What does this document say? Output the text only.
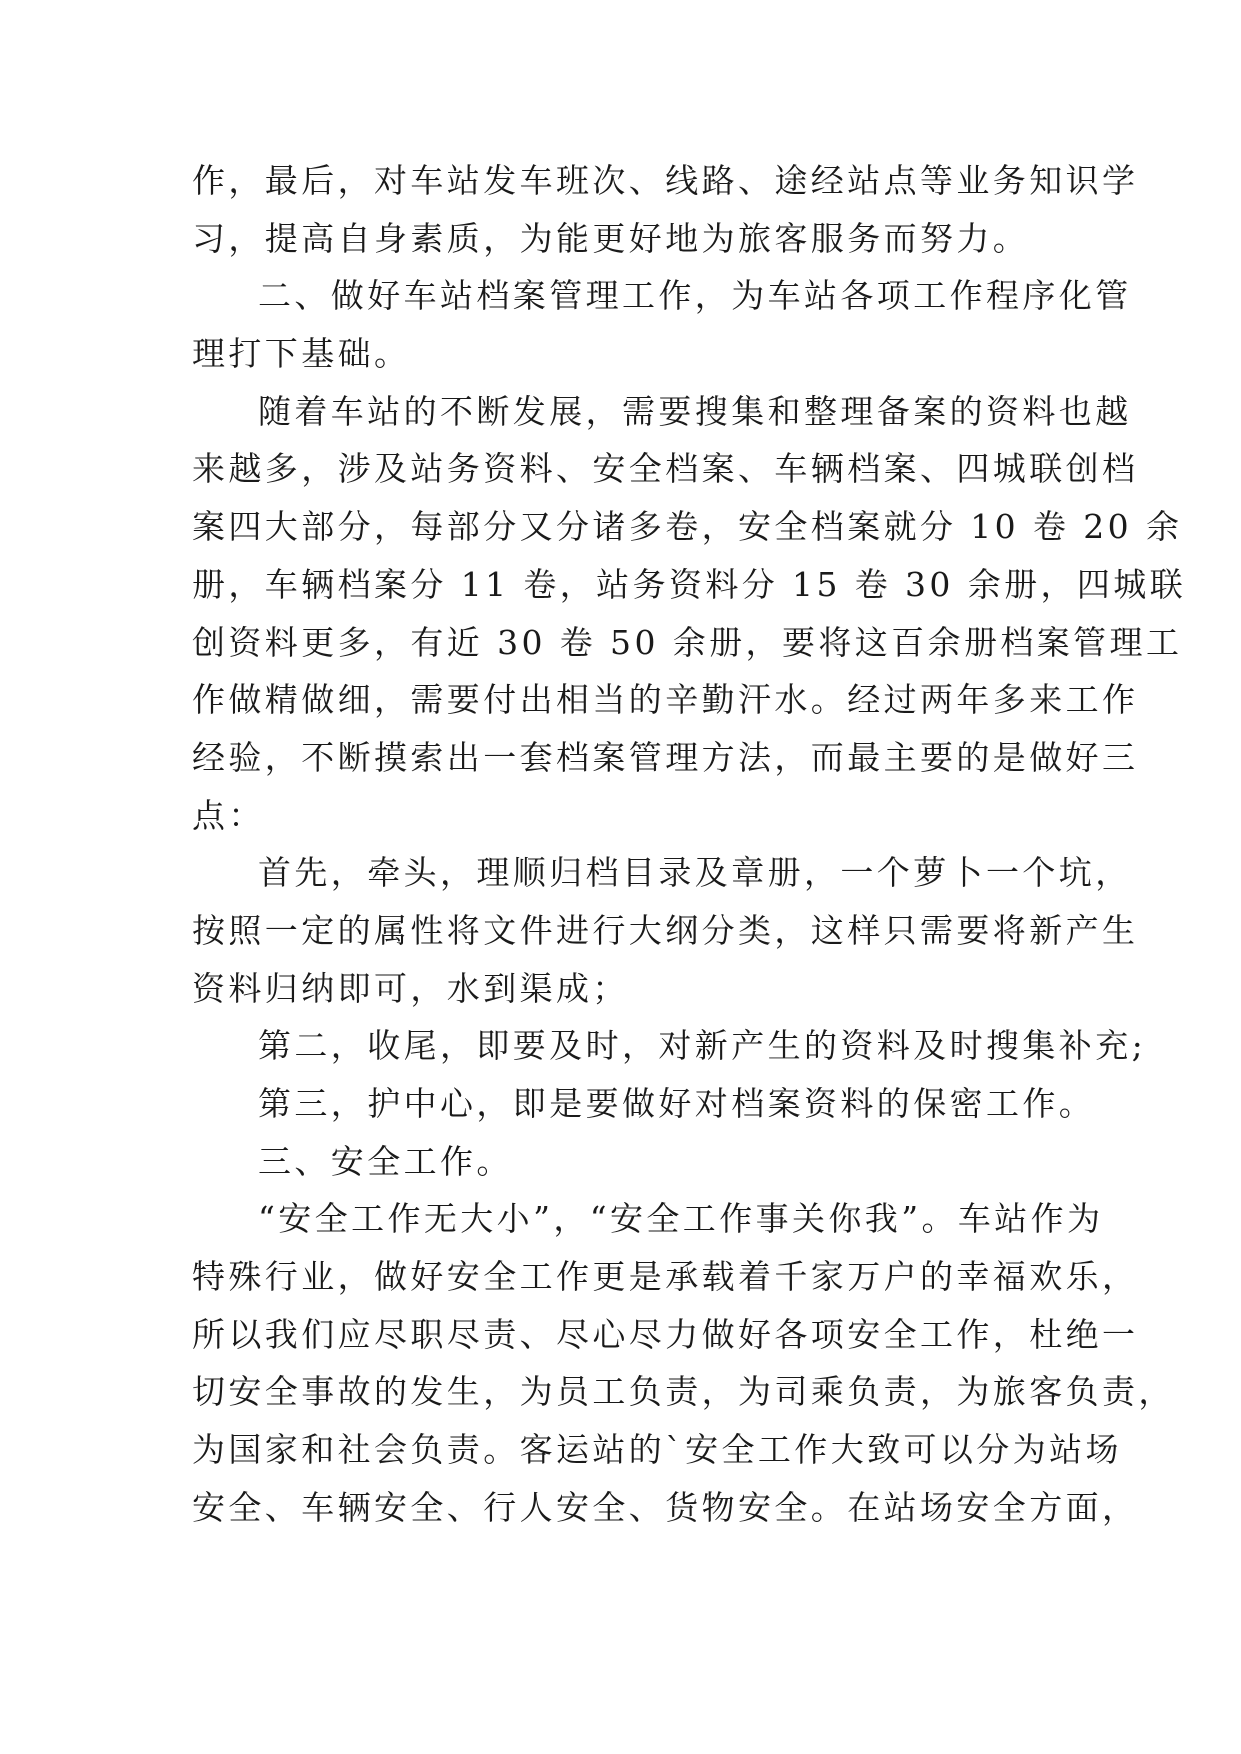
作，最后，对车站发车班次、线路、途经站点等业务知识学
习，提高自身素质，为能更好地为旅客服务而努力。
二、做好车站档案管理工作，为车站各项工作程序化管
理打下基础。
随着车站的不断发展，需要搜集和整理备案的资料也越
来越多，涉及站务资料、安全档案、车辆档案、四城联创档
案四大部分，每部分又分诸多卷，安全档案就分 10 卷 20 余
册，车辆档案分 11 卷，站务资料分 15 卷 30 余册，四城联
创资料更多，有近 30 卷 50 余册，要将这百余册档案管理工
作做精做细，需要付出相当的辛勤汗水。经过两年多来工作
经验，不断摸索出一套档案管理方法，而最主要的是做好三
点：
首先，牵头，理顺归档目录及章册，一个萝卜一个坑，
按照一定的属性将文件进行大纲分类，这样只需要将新产生
资料归纳即可，水到渠成；
第二，收尾，即要及时，对新产生的资料及时搜集补充;
第三，护中心，即是要做好对档案资料的保密工作。
三、安全工作。
“安全工作无大小”，“安全工作事关你我”。车站作为
特殊行业，做好安全工作更是承载着千家万户的幸福欢乐，
所以我们应尽职尽责、尽心尽力做好各项安全工作，杜绝一
切安全事故的发生，为员工负责，为司乘负责，为旅客负责，
为国家和社会负责。客运站的`安全工作大致可以分为站场
安全、车辆安全、行人安全、货物安全。在站场安全方面，
